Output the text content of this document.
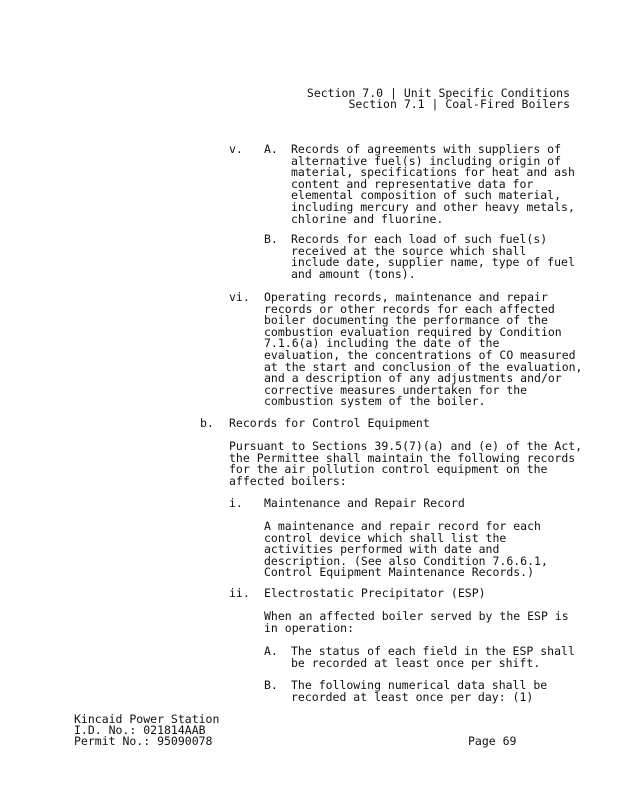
Section 7.0 | Unit Specific Conditions
Section 7.1 | Coal-Fired Boilers
v. A. Records of agreements with suppliers of
alternative fuel(s) including origin of
material, specifications for heat and ash
content and representative data for
elemental composition of such material,
including mercury and other heavy metals,
chlorine and fluorine.
B. Records for each load of such fuel(s)
received at the source which shall
include date, supplier name, type of fuel
and amount (tons).
vi. Operating records, maintenance and repair
records or other records for each affected
boiler documenting the performance of the
combustion evaluation required by Condition
7.1.6(a) including the date of the
evaluation, the concentrations of CO measured
at the start and conclusion of the evaluation,
and a description of any adjustments and/or
corrective measures undertaken for the
combustion system of the boiler.
b. Records for Control Equipment
Pursuant to Sections 39.5(7)(a) and (e) of the Act,
the Permittee shall maintain the following records
for the air pollution control equipment on the
affected boilers:
i. Maintenance and Repair Record
A maintenance and repair record for each
control device which shall list the
activities performed with date and
description. (See also Condition 7.6.6.1,
Control Equipment Maintenance Records.)
ii. Electrostatic Precipitator (ESP)
When an affected boiler served by the ESP is
in operation:
A. The status of each field in the ESP shall
be recorded at least once per shift.
B. The following numerical data shall be
recorded at least once per day: (1)
Kincaid Power Station
I.D. No.: 021814AAB
Permit No.: 95090078	Page 69
